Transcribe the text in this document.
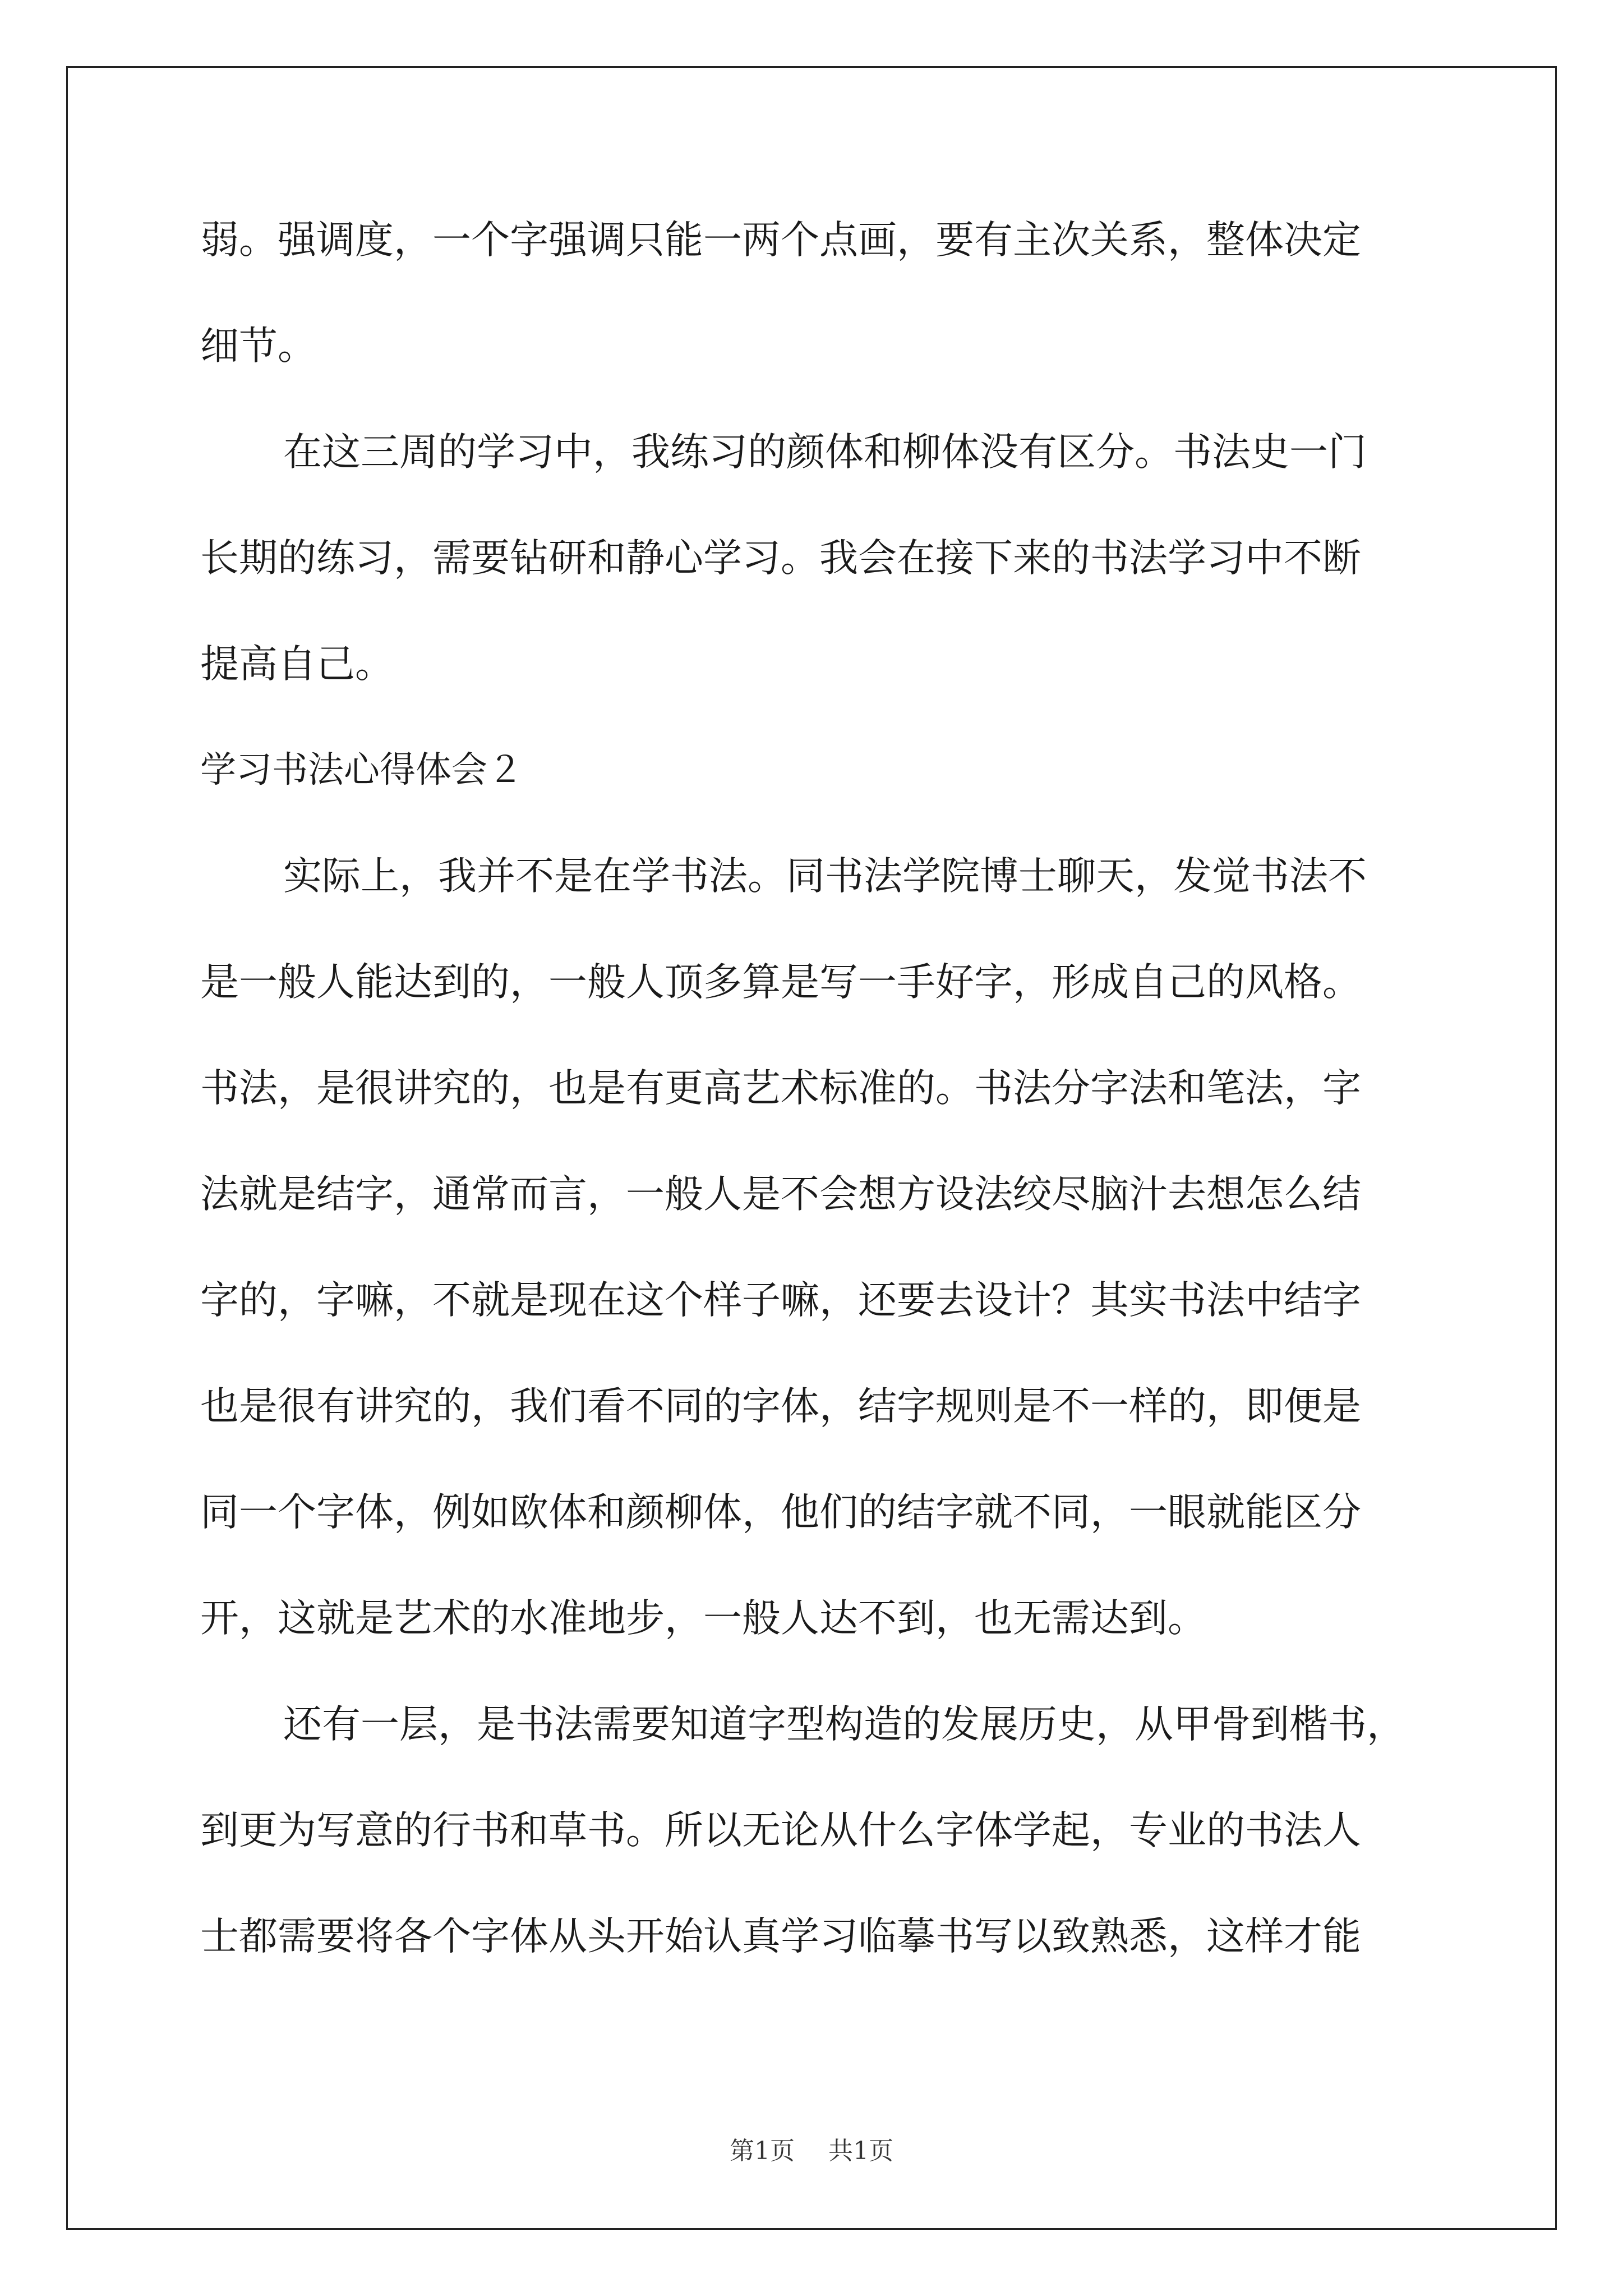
弱。强调度，一个字强调只能一两个点画，要有主次关系，整体决定
细节。
在这三周的学习中，我练习的颜体和柳体没有区分。书法史一门
长期的练习，需要钻研和静心学习。我会在接下来的书法学习中不断
提高自己。
学习书法心得体会２
实际上，我并不是在学书法。同书法学院博士聊天，发觉书法不
是一般人能达到的，一般人顶多算是写一手好字，形成自己的风格。
书法，是很讲究的，也是有更高艺术标准的。书法分字法和笔法，字
法就是结字，通常而言，一般人是不会想方设法绞尽脑汁去想怎么结
字的，字嘛，不就是现在这个样子嘛，还要去设计？其实书法中结字
也是很有讲究的，我们看不同的字体，结字规则是不一样的，即便是
同一个字体，例如欧体和颜柳体，他们的结字就不同，一眼就能区分
开，这就是艺术的水准地步，一般人达不到，也无需达到。
还有一层，是书法需要知道字型构造的发展历史，从甲骨到楷书，
到更为写意的行书和草书。所以无论从什么字体学起，专业的书法人
士都需要将各个字体从头开始认真学习临摹书写以致熟悉，这样才能
第1页 共1页
